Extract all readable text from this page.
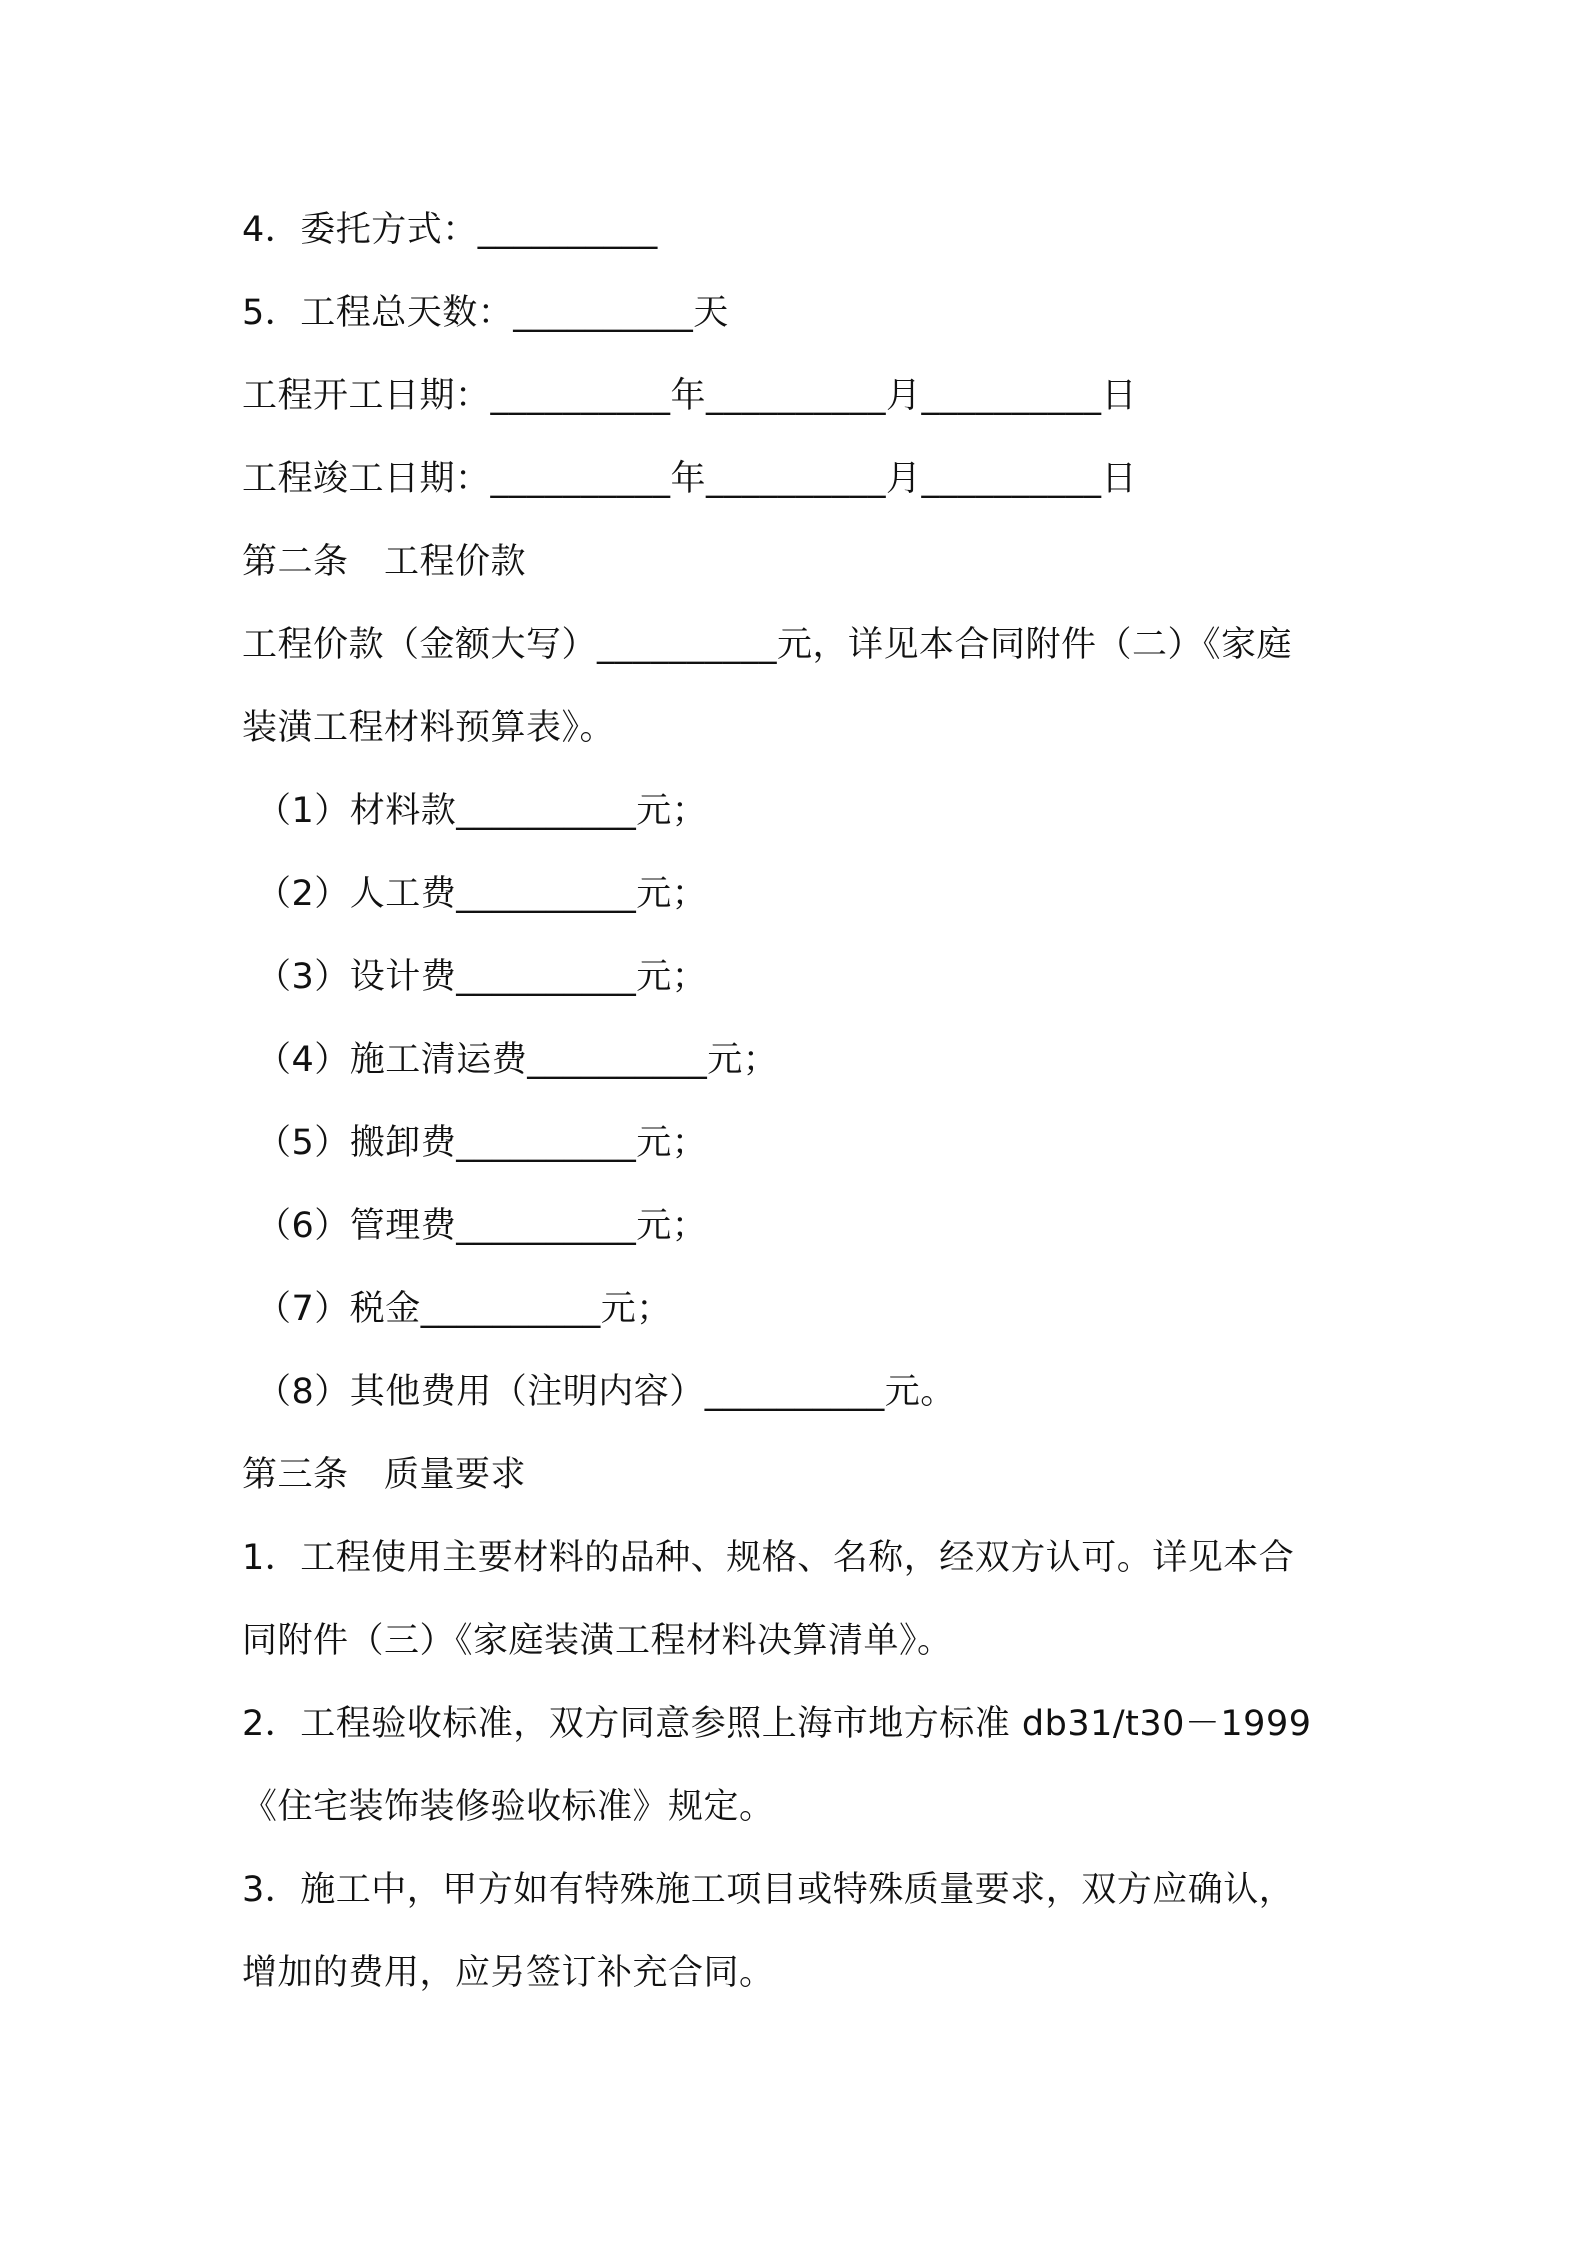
4．委托方式：__________
5．工程总天数：__________天
工程开工日期：__________年__________月__________日
工程竣工日期：__________年__________月__________日
第二条　工程价款
工程价款（金额大写）__________元，详见本合同附件（二）《家庭
装潢工程材料预算表》。
（1）材料款__________元；
（2）人工费__________元；
（3）设计费__________元；
（4）施工清运费__________元；
（5）搬卸费__________元；
（6）管理费__________元；
（7）税金__________元；
（8）其他费用（注明内容）__________元。
第三条　质量要求
1．工程使用主要材料的品种、规格、名称，经双方认可。详见本合
同附件（三）《家庭装潢工程材料决算清单》。
2．工程验收标准，双方同意参照上海市地方标准 db31/t30－1999
《住宅装饰装修验收标准》规定。
3．施工中，甲方如有特殊施工项目或特殊质量要求，双方应确认，
增加的费用，应另签订补充合同。
